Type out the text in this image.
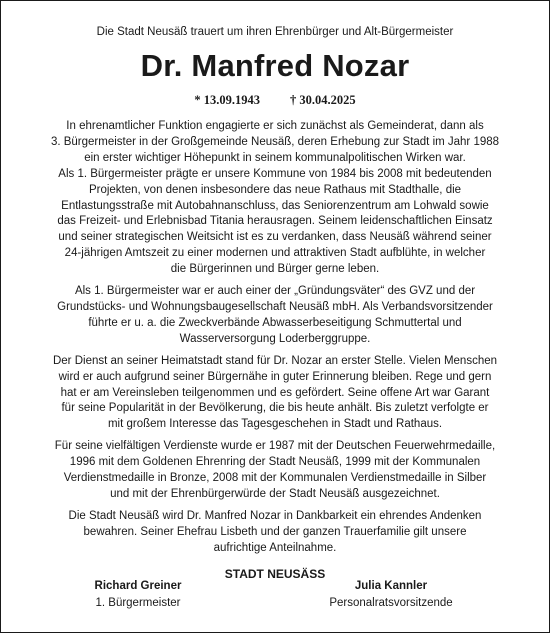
Die Stadt Neusäß trauert um ihren Ehrenbürger und Alt-Bürgermeister

Dr. Manfred Nozar
* 13.09.1943 † 30.04.2025

In ehrenamtlicher Funktion engagierte er sich zunächst als Gemeinderat, dann als
3. Bürgermeister in der Großgemeinde Neusäß, deren Erhebung zur Stadt im Jahr 1988
ein erster wichtiger Höhepunkt in seinem kommunalpolitischen Wirken war.
Als 1. Bürgermeister prägte er unsere Kommune von 1984 bis 2008 mit bedeutenden
Projekten, von denen insbesondere das neue Rathaus mit Stadthalle, die
Entlastungsstraße mit Autobahnanschluss, das Seniorenzentrum am Lohwald sowie
das Freizeit- und Erlebnisbad Titania herausragen. Seinem leidenschaftlichen Einsatz
und seiner strategischen Weitsicht ist es zu verdanken, dass Neusäß während seiner
24-jährigen Amtszeit zu einer modernen und attraktiven Stadt aufblühte, in welcher
die Bürgerinnen und Bürger gerne leben.

Als 1. Bürgermeister war er auch einer der „Gründungsväter“ des GVZ und der
Grundstücks- und Wohnungsbaugesellschaft Neusäß mbH. Als Verbandsvorsitzender
führte er u. a. die Zweckverbände Abwasserbeseitigung Schmuttertal und
Wasserversorgung Loderberggruppe.

Der Dienst an seiner Heimatstadt stand für Dr. Nozar an erster Stelle. Vielen Menschen
wird er auch aufgrund seiner Bürgernähe in guter Erinnerung bleiben. Rege und gern
hat er am Vereinsleben teilgenommen und es gefördert. Seine offene Art war Garant
für seine Popularität in der Bevölkerung, die bis heute anhält. Bis zuletzt verfolgte er
mit großem Interesse das Tagesgeschehen in Stadt und Rathaus.

Für seine vielfältigen Verdienste wurde er 1987 mit der Deutschen Feuerwehrmedaille,
1996 mit dem Goldenen Ehrenring der Stadt Neusäß, 1999 mit der Kommunalen
Verdienstmedaille in Bronze, 2008 mit der Kommunalen Verdienstmedaille in Silber
und mit der Ehrenbürgerwürde der Stadt Neusäß ausgezeichnet.

Die Stadt Neusäß wird Dr. Manfred Nozar in Dankbarkeit ein ehrendes Andenken
bewahren. Seiner Ehefrau Lisbeth und der ganzen Trauerfamilie gilt unsere
aufrichtige Anteilnahme.

STADT NEUSÄSS
Richard Greiner
1. Bürgermeister
Julia Kannler
Personalratsvorsitzende
